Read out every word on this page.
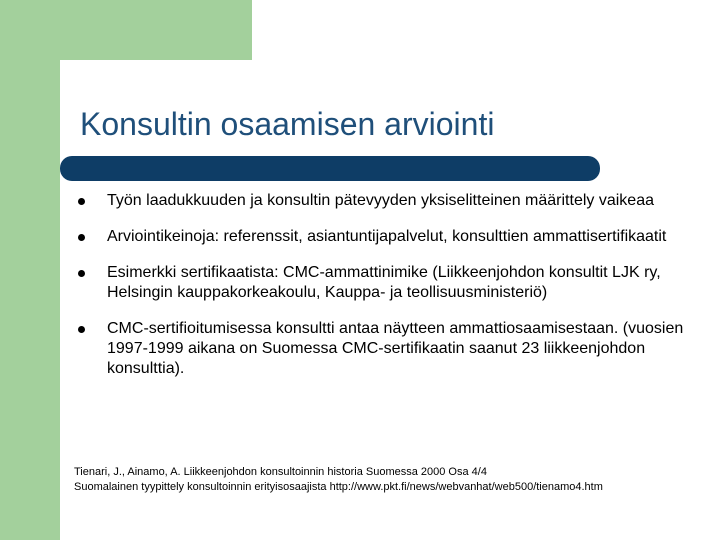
Konsultin osaamisen arviointi
Työn laadukkuuden ja konsultin pätevyyden yksiselitteinen määrittely vaikeaa
Arviointikeinoja: referenssit, asiantuntijapalvelut, konsulttien ammattisertifikaatit
Esimerkki sertifikaatista: CMC-ammattinimike (Liikkeenjohdon konsultit LJK ry, Helsingin kauppakorkeakoulu, Kauppa- ja teollisuusministeriö)
CMC-sertifioitumisessa konsultti antaa näytteen ammattiosaamisestaan. (vuosien 1997-1999 aikana on Suomessa CMC-sertifikaatin saanut 23 liikkeenjohdon konsulttia).
Tienari, J., Ainamo, A. Liikkeenjohdon konsultoinnin historia Suomessa 2000 Osa 4/4
Suomalainen tyypittely konsultoinnin erityisosaajista http://www.pkt.fi/news/webvanhat/web500/tienamo4.htm
